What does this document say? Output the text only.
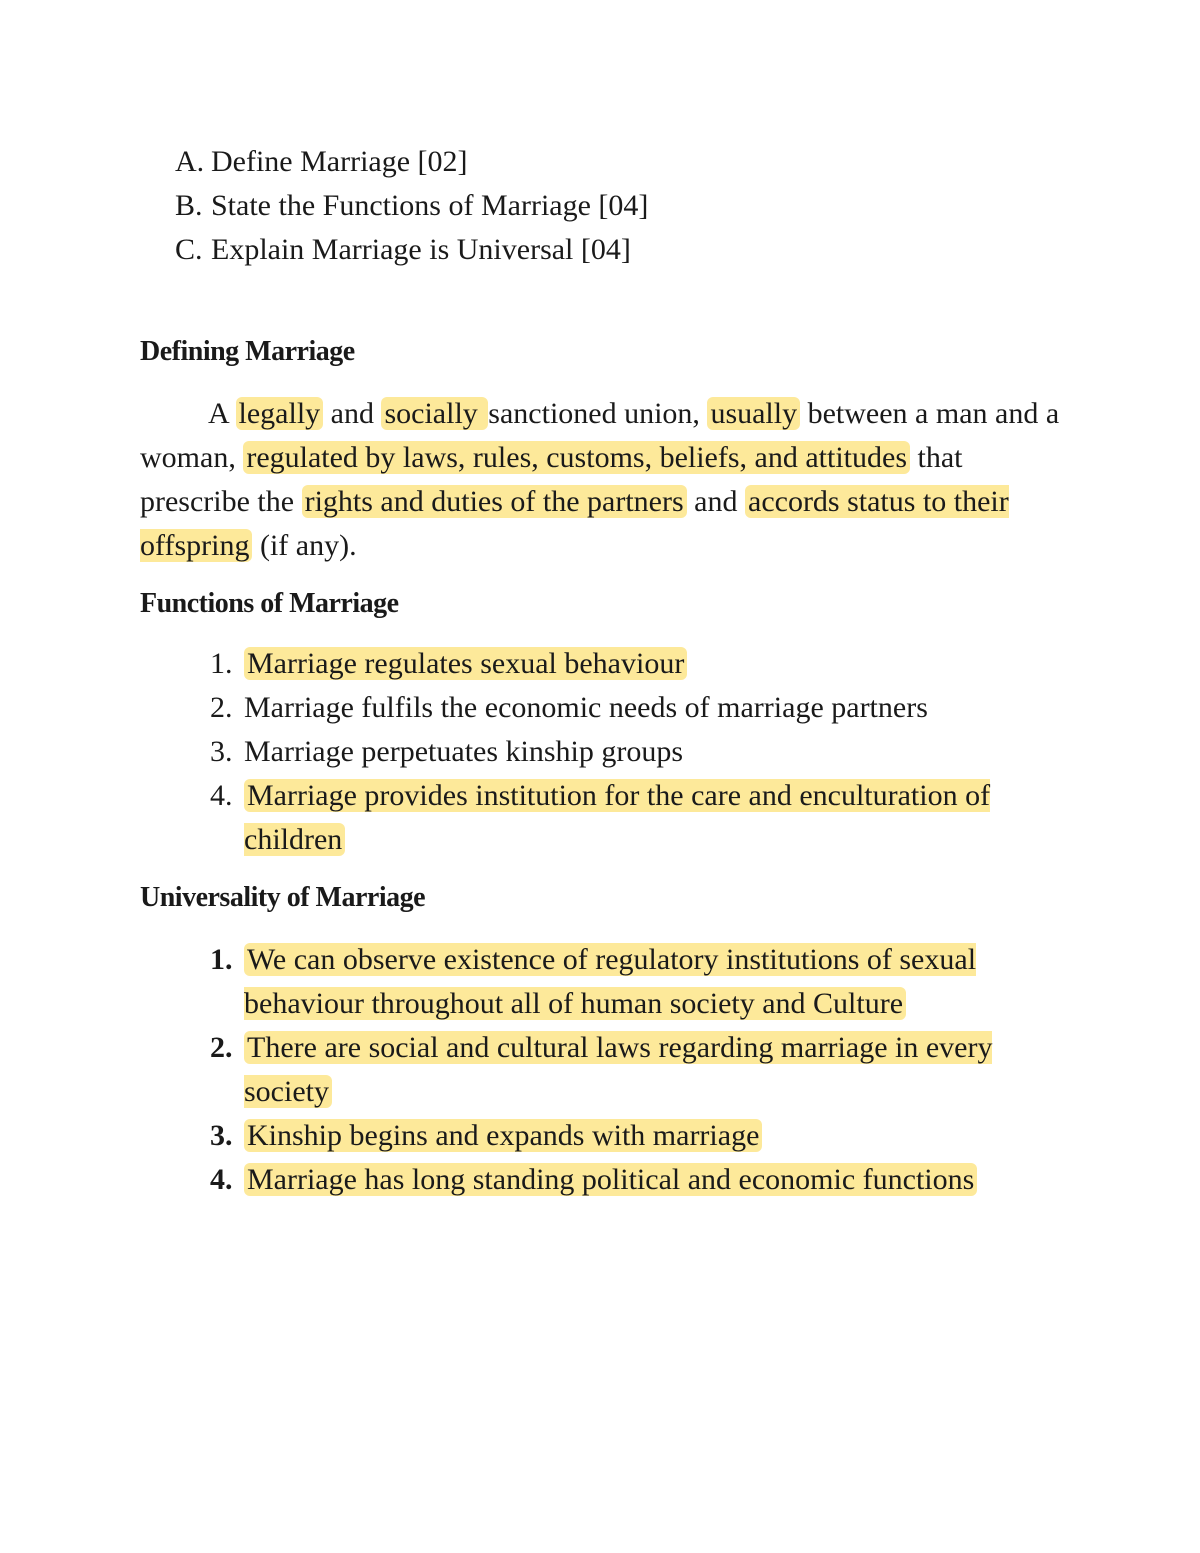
A. Define Marriage [02]
B. State the Functions of Marriage [04]
C. Explain Marriage is Universal [04]
Defining Marriage

A legally and socially sanctioned union, usually between a man and a woman, regulated by laws, rules, customs, beliefs, and attitudes that prescribe the rights and duties of the partners and accords status to their offspring (if any).

Functions of Marriage
1. Marriage regulates sexual behaviour
2. Marriage fulfils the economic needs of marriage partners
3. Marriage perpetuates kinship groups
4. Marriage provides institution for the care and enculturation of children
Universality of Marriage
1. We can observe existence of regulatory institutions of sexual behaviour throughout all of human society and Culture
2. There are social and cultural laws regarding marriage in every society
3. Kinship begins and expands with marriage
4. Marriage has long standing political and economic functions
